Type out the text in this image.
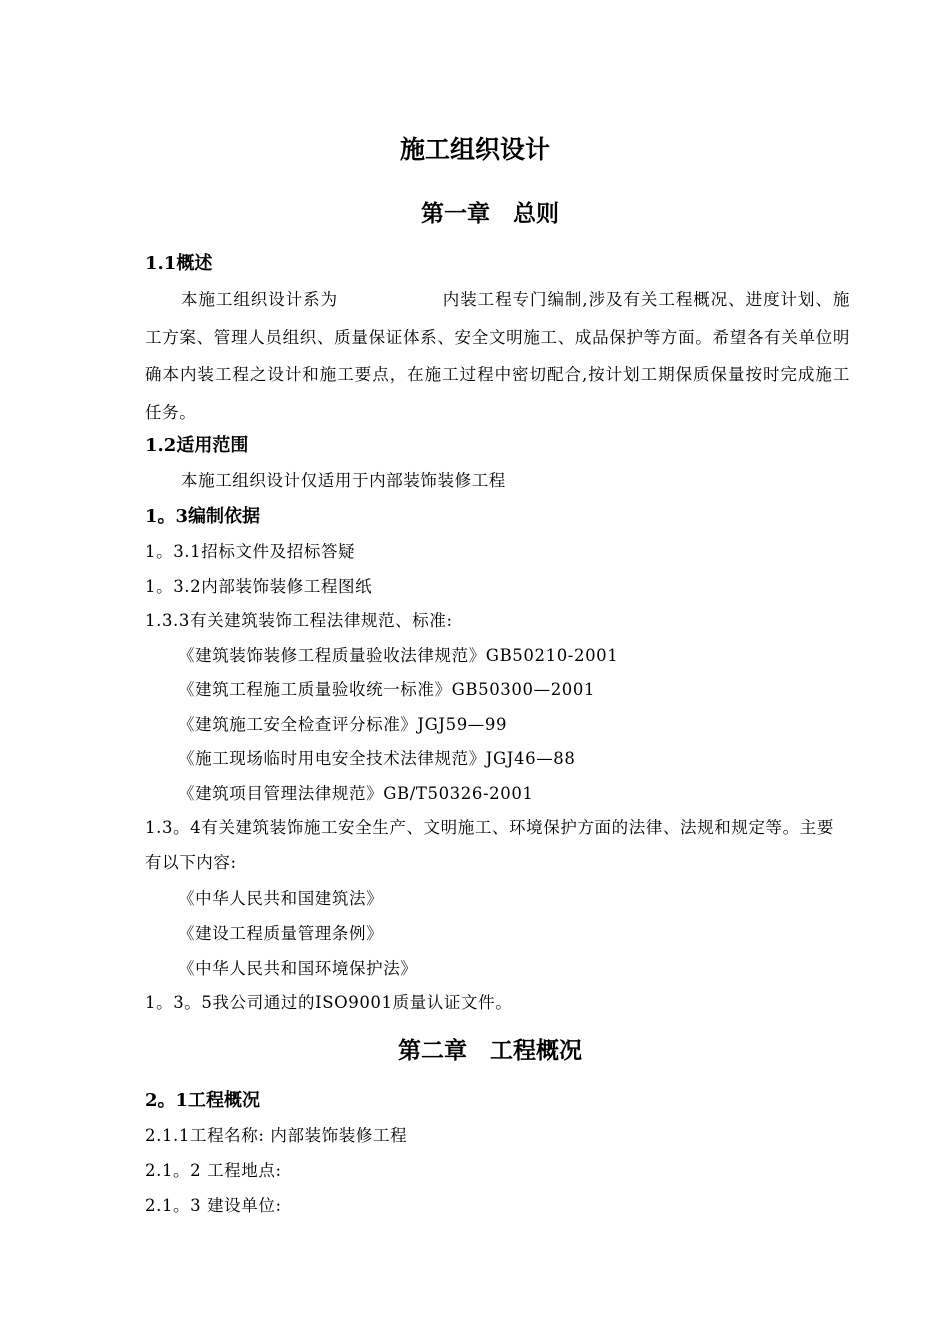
施工组织设计
第一章　总则
1.1概述
本施工组织设计系为　　　　　　内装工程专门编制,涉及有关工程概况、进度计划、施工方案、管理人员组织、质量保证体系、安全文明施工、成品保护等方面。希望各有关单位明确本内装工程之设计和施工要点，在施工过程中密切配合,按计划工期保质保量按时完成施工任务。
1.2适用范围
本施工组织设计仅适用于内部装饰装修工程
1。3编制依据
1。3.1招标文件及招标答疑
1。3.2内部装饰装修工程图纸
1.3.3有关建筑装饰工程法律规范、标准:
《建筑装饰装修工程质量验收法律规范》GB50210-2001
《建筑工程施工质量验收统一标准》GB50300—2001
《建筑施工安全检查评分标准》JGJ59—99
《施工现场临时用电安全技术法律规范》JGJ46—88
《建筑项目管理法律规范》GB/T50326-2001
1.3。4有关建筑装饰施工安全生产、文明施工、环境保护方面的法律、法规和规定等。主要有以下内容:
《中华人民共和国建筑法》
《建设工程质量管理条例》
《中华人民共和国环境保护法》
1。3。5我公司通过的ISO9001质量认证文件。
第二章　工程概况
2。1工程概况
2.1.1工程名称: 内部装饰装修工程
2.1。2 工程地点:
2.1。3 建设单位:
